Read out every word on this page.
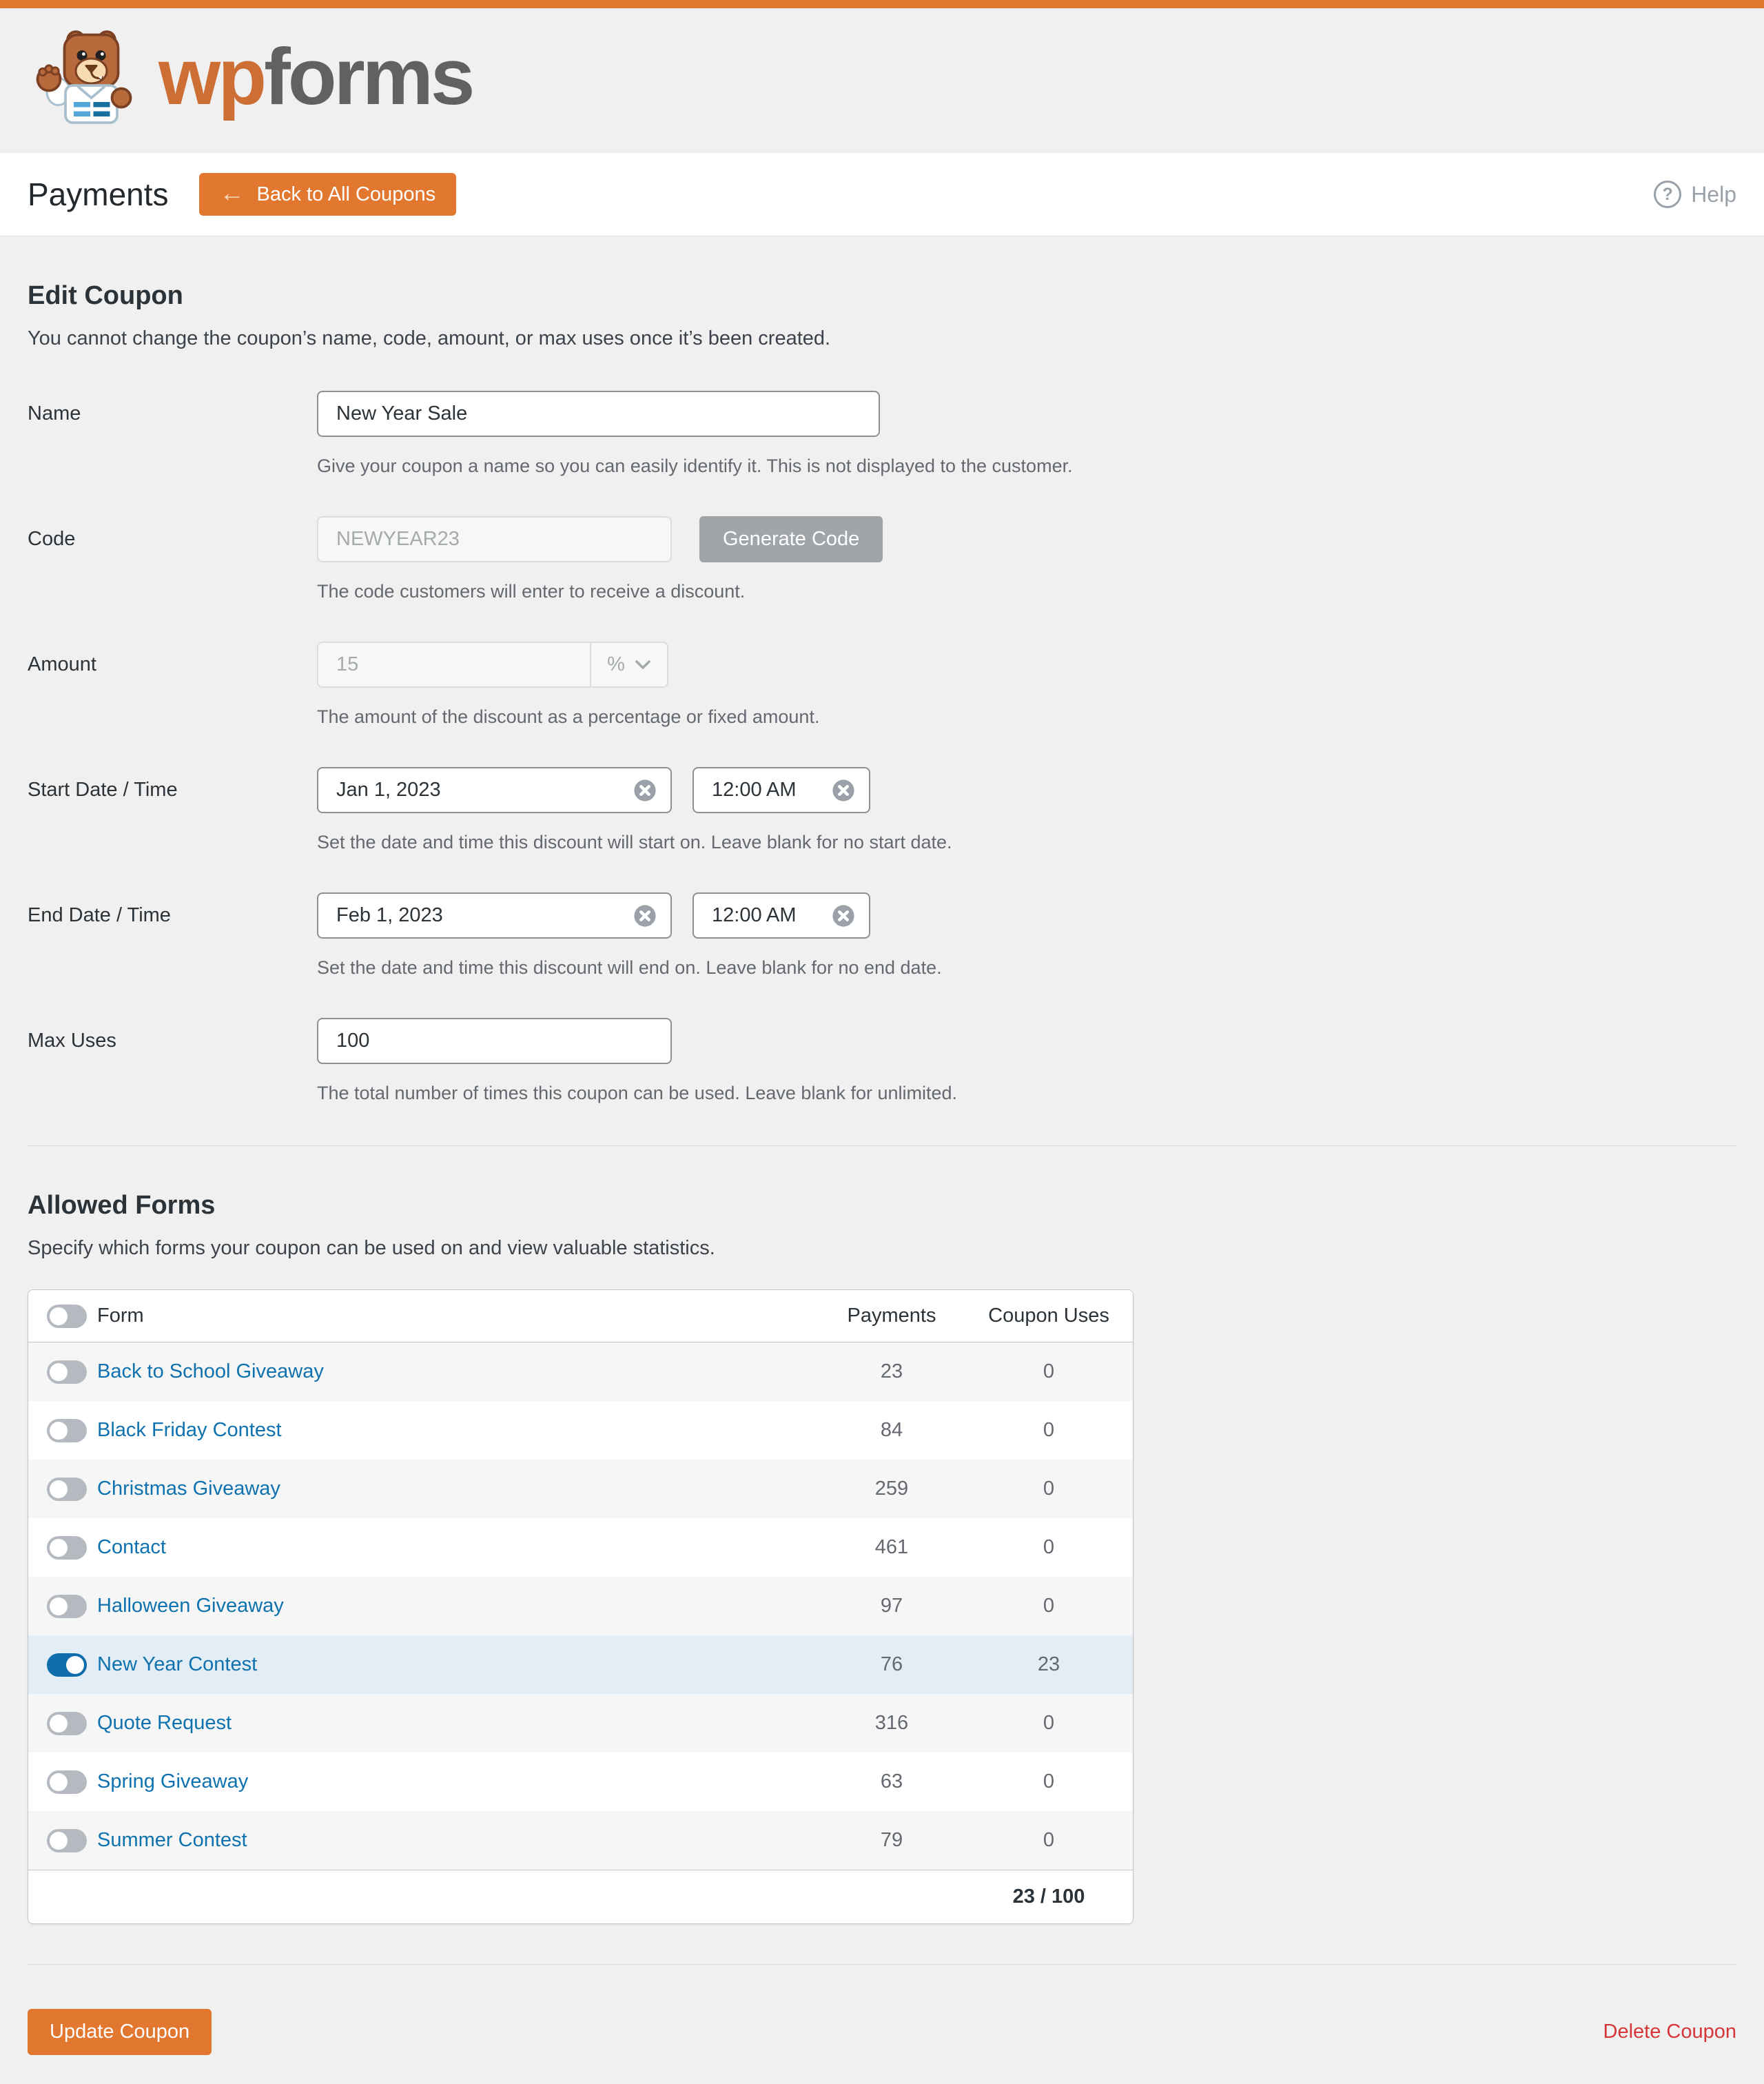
wpforms
Payments ← Back to All Coupons	? Help
Edit Coupon

You cannot change the coupon’s name, code, amount, or max uses once it’s been created.

Name
New Year Sale
Give your coupon a name so you can easily identify it. This is not displayed to the customer.
Code
NEWYEAR23	Generate Code
The code customers will enter to receive a discount.
Amount	15	%
The amount of the discount as a percentage or fixed amount.
Start Date / Time	Jan 1, 2023	12:00 AM
Set the date and time this discount will start on. Leave blank for no start date.
End Date / Time	Feb 1, 2023	12:00 AM
Set the date and time this discount will end on. Leave blank for no end date.
Max Uses
100
The total number of times this coupon can be used. Leave blank for unlimited.
Allowed Forms

Specify which forms your coupon can be used on and view valuable statistics.

Form	Payments	Coupon Uses
Back to School Giveaway	23	0
Black Friday Contest	84	0
Christmas Giveaway	259	0
Contact	461	0
Halloween Giveaway	97	0
New Year Contest	76	23
Quote Request	316	0
Spring Giveaway	63	0
Summer Contest	79	0
23 / 100
Update Coupon	Delete Coupon
